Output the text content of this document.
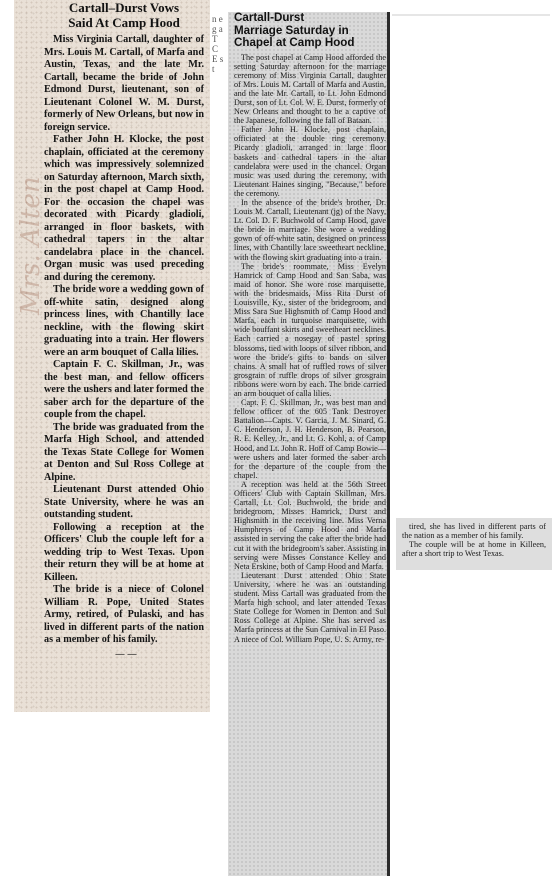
Mrs. Alten
Cartall–Durst Vows
Said At Camp Hood

Miss Virginia Cartall, daughter of Mrs. Louis M. Cartall, of Marfa and Austin, Texas, and the late Mr. Cartall, became the bride of John Edmond Durst, lieutenant, son of Lieutenant Colonel W. M. Durst, formerly of New Orleans, but now in foreign service.

Father John H. Klocke, the post chaplain, officiated at the ceremony which was impressively solemnized on Saturday afternoon, March sixth, in the post chapel at Camp Hood. For the occasion the chapel was decorated with Picardy gladioli, arranged in floor baskets, with cathedral tapers in the altar candelabra place in the chancel. Organ music was used preceding and during the ceremony.

The bride wore a wedding gown of off-white satin, designed along princess lines, with Chantilly lace neckline, with the flowing skirt graduating into a train. Her flowers were an arm bouquet of Calla lilies.

Captain F. C. Skillman, Jr., was the best man, and fellow officers were the ushers and later formed the saber arch for the departure of the couple from the chapel.

The bride was graduated from the Marfa High School, and attended the Texas State College for Women at Denton and Sul Ross College at Alpine.

Lieutenant Durst attended Ohio State University, where he was an outstanding student.

Following a reception at the Officers' Club the couple left for a wedding trip to West Texas. Upon their return they will be at home at Killeen.

The bride is a niece of Colonel William R. Pope, United States Army, retired, of Pulaski, and has lived in different parts of the nation as a member of his family.

——
n e g a T C E s t
Cartall-Durst
Marriage Saturday in
Chapel at Camp Hood

The post chapel at Camp Hood afforded the setting Saturday afternoon for the marriage ceremony of Miss Virginia Cartall, daughter of Mrs. Louis M. Cartall of Marfa and Austin, and the late Mr. Cartall, to Lt. John Edmond Durst, son of Lt. Col. W. E. Durst, formerly of New Orleans and thought to be a captive of the Japanese, following the fall of Bataan.

Father John H. Klocke, post chaplain, officiated at the double ring ceremony. Picardy gladioli, arranged in large floor baskets and cathedral tapers in the altar candelabra were used in the chancel. Organ music was used during the ceremony, with Lieutenant Haines singing, "Because," before the ceremony.

In the absence of the bride's brother, Dr. Louis M. Cartall, Lieutenant (jg) of the Navy, Lt. Col. D. F. Buchwold of Camp Hood, gave the bride in marriage. She wore a wedding gown of off-white satin, designed on princess lines, with Chantilly lace sweetheart neckline, with the flowing skirt graduating into a train.

The bride's roommate, Miss Evelyn Hamrick of Camp Hood and San Saba, was maid of honor. She wore rose marquisette, with the bridesmaids, Miss Rita Durst of Louisville, Ky., sister of the bridegroom, and Miss Sara Sue Highsmith of Camp Hood and Marfa, each in turquoise marquisette, with wide bouffant skirts and sweetheart necklines. Each carried a nosegay of pastel spring blossoms, tied with loops of silver ribbon, and wore the bride's gifts to bands on silver chains. A small hat of ruffled rows of silver grosgrain of ruffle drops of silver grosgrain ribbons were worn by each. The bride carried an arm bouquet of calla lilies.

Capt. F. C. Skillman, Jr., was best man and fellow officer of the 605 Tank Destroyer Battalion—Capts. V. Garcia, J. M. Sinard, G. C. Henderson, J. H. Henderson, B. Pearson, R. E. Kelley, Jr., and Lt. G. Kohl, a. of Camp Hood, and Lt. John R. Hoff of Camp Bowie—were ushers and later formed the saber arch for the departure of the couple from the chapel.

A reception was held at the 56th Street Officers' Club with Captain Skillman, Mrs. Cartall, Lt. Col. Buchwold, the bride and bridegroom, Misses Hamrick, Durst and Highsmith in the receiving line. Miss Verna Humphreys of Camp Hood and Marfa assisted in serving the cake after the bride had cut it with the bridegroom's saber. Assisting in serving were Misses Constance Kelley and Neta Erskine, both of Camp Hood and Marfa.

Lieutenant Durst attended Ohio State University, where he was an outstanding student. Miss Cartall was graduated from the Marfa high school, and later attended Texas State College for Women in Denton and Sul Ross College at Alpine. She has served as Marfa princess at the Sun Carnival in El Paso. A niece of Col. William Pope, U. S. Army, re-

tired, she has lived in different parts of the nation as a member of his family.

The couple will be at home in Killeen, after a short trip to West Texas.
